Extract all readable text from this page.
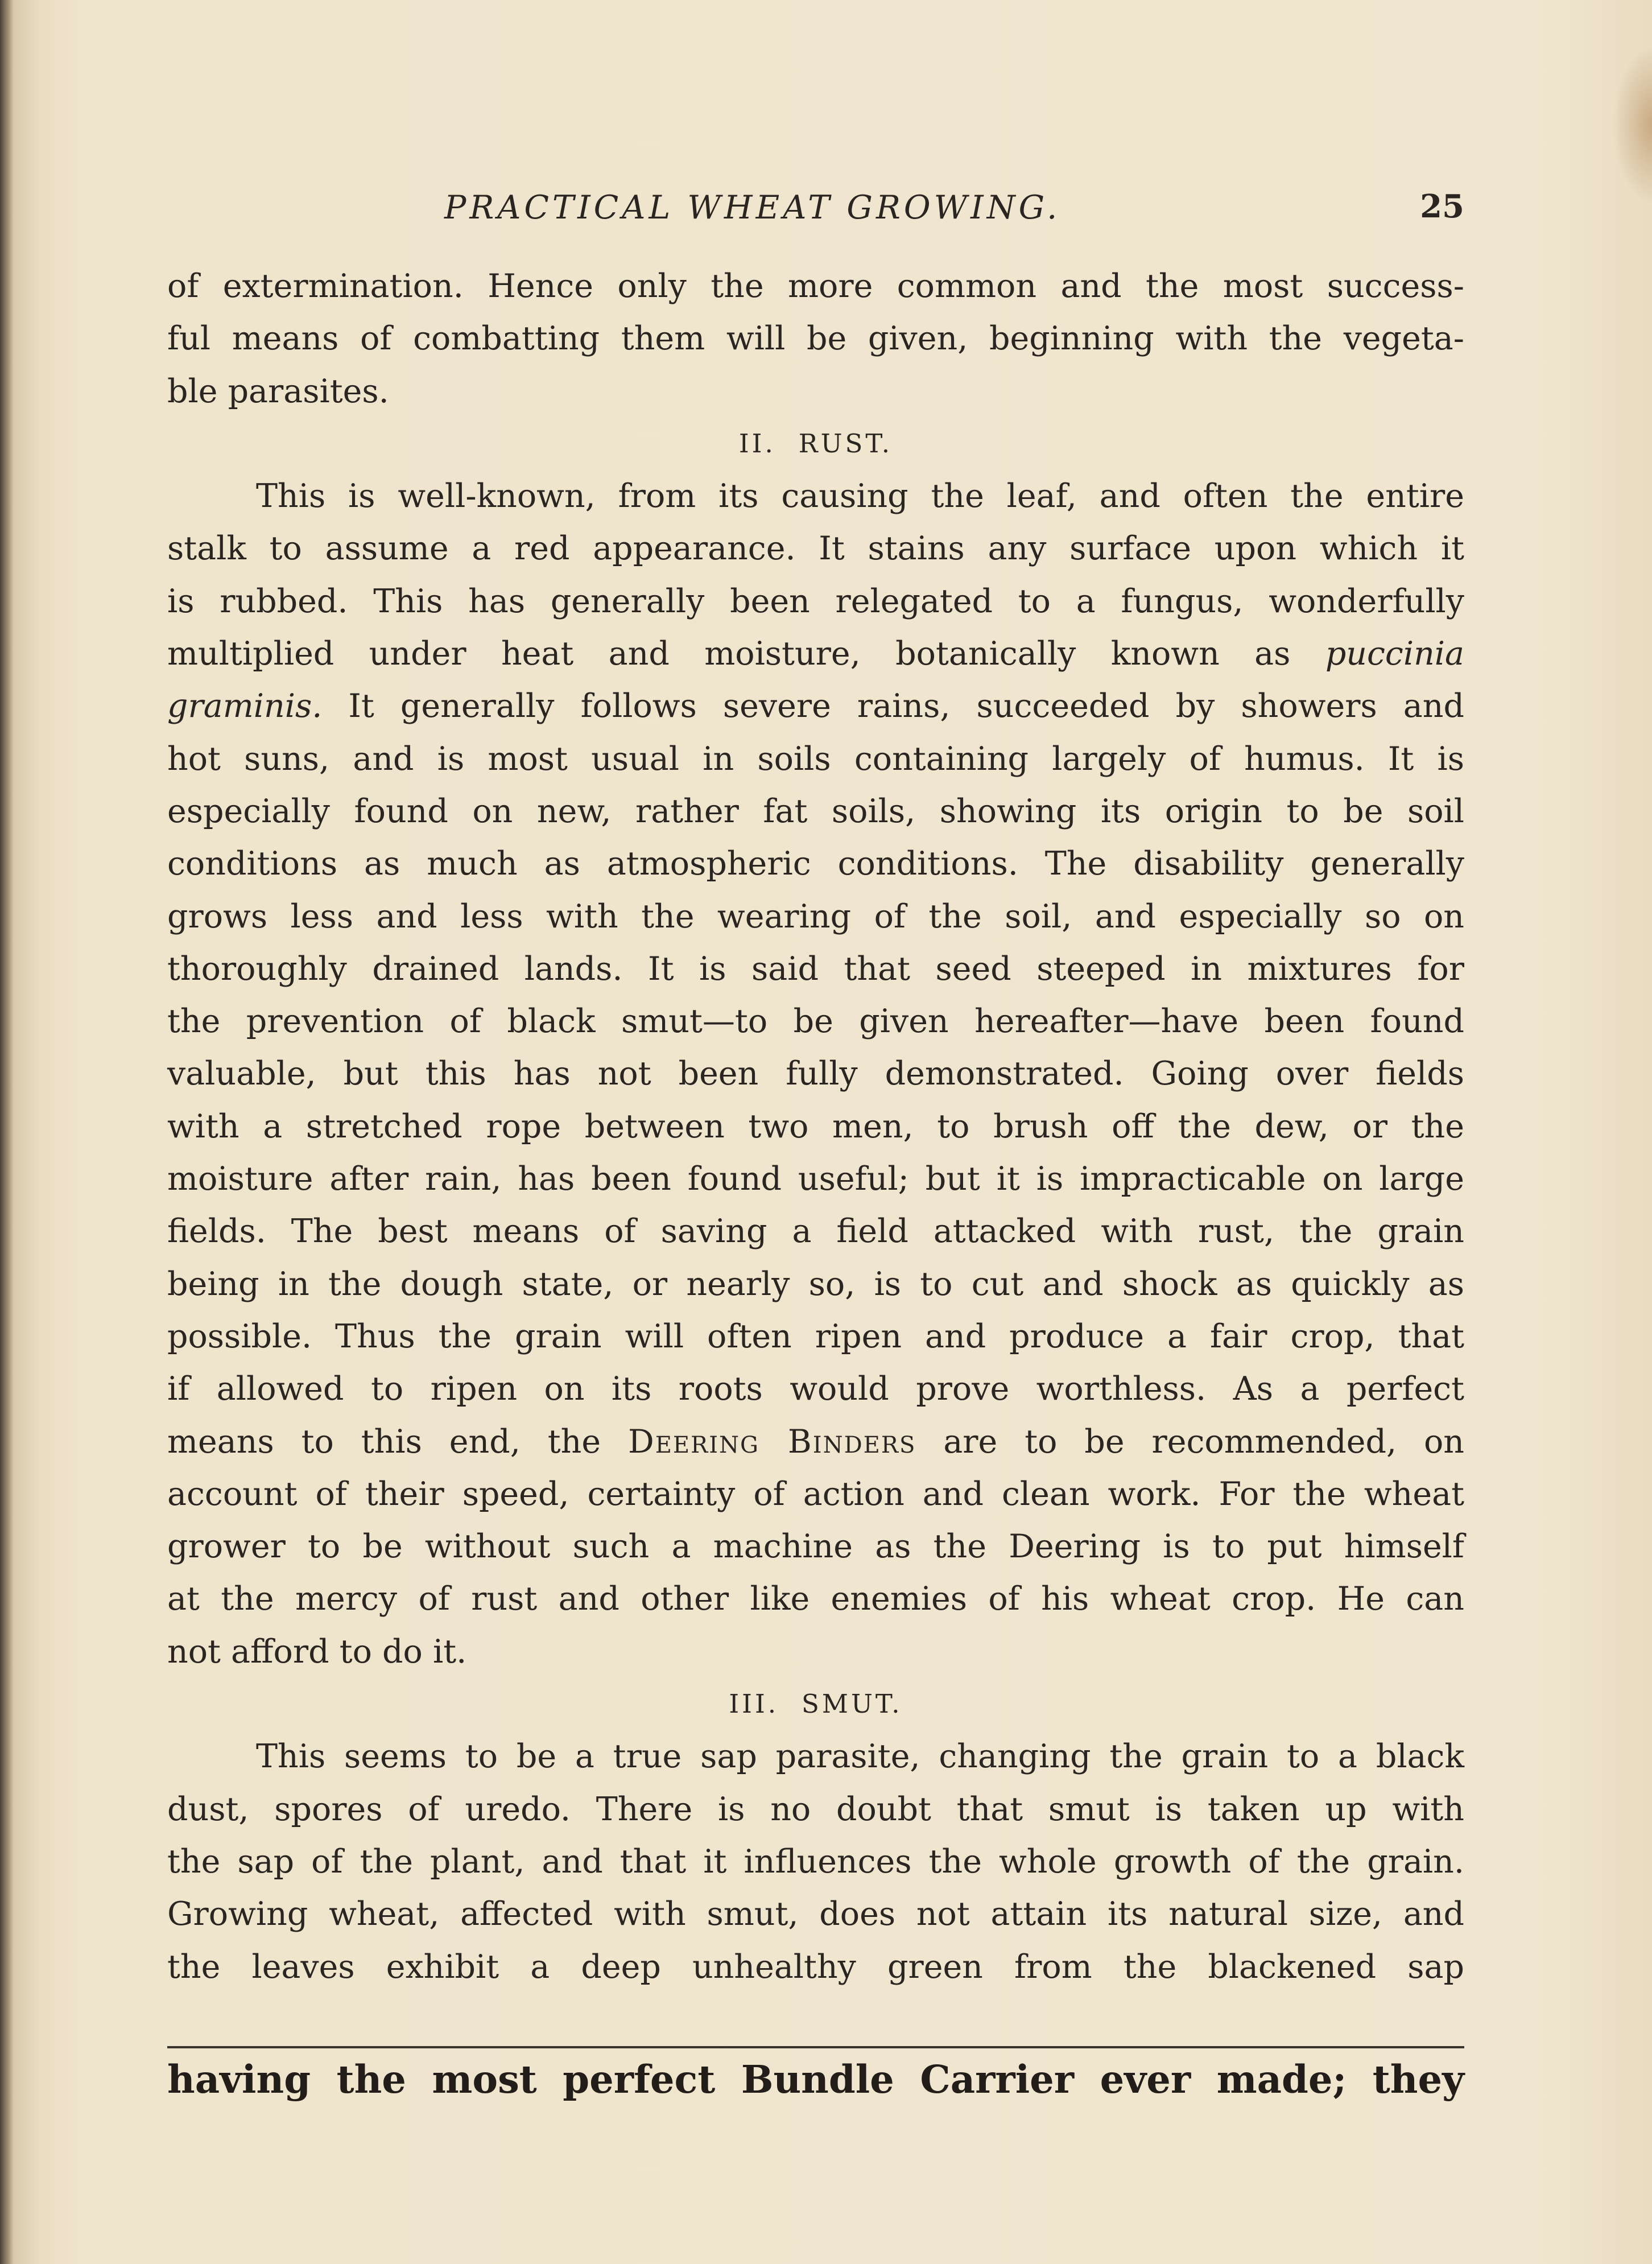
PRACTICAL WHEAT GROWING.	25
of extermination. Hence only the more common and the most success-
ful means of combatting them will be given, beginning with the vegeta-
ble parasites.
II. RUST.
This is well-known, from its causing the leaf, and often the entire
stalk to assume a red appearance. It stains any surface upon which it
is rubbed. This has generally been relegated to a fungus, wonderfully
multiplied under heat and moisture, botanically known as puccinia
graminis. It generally follows severe rains, succeeded by showers and
hot suns, and is most usual in soils containing largely of humus. It is
especially found on new, rather fat soils, showing its origin to be soil
conditions as much as atmospheric conditions. The disability generally
grows less and less with the wearing of the soil, and especially so on
thoroughly drained lands. It is said that seed steeped in mixtures for
the prevention of black smut—to be given hereafter—have been found
valuable, but this has not been fully demonstrated. Going over fields
with a stretched rope between two men, to brush off the dew, or the
moisture after rain, has been found useful; but it is impracticable on large
fields. The best means of saving a field attacked with rust, the grain
being in the dough state, or nearly so, is to cut and shock as quickly as
possible. Thus the grain will often ripen and produce a fair crop, that
if allowed to ripen on its roots would prove worthless. As a perfect
means to this end, the Deering Binders are to be recommended, on
account of their speed, certainty of action and clean work. For the wheat
grower to be without such a machine as the Deering is to put himself
at the mercy of rust and other like enemies of his wheat crop. He can
not afford to do it.
III. SMUT.
This seems to be a true sap parasite, changing the grain to a black
dust, spores of uredo. There is no doubt that smut is taken up with
the sap of the plant, and that it influences the whole growth of the grain.
Growing wheat, affected with smut, does not attain its natural size, and
the leaves exhibit a deep unhealthy green from the blackened sap
having the most perfect Bundle Carrier ever made; they
